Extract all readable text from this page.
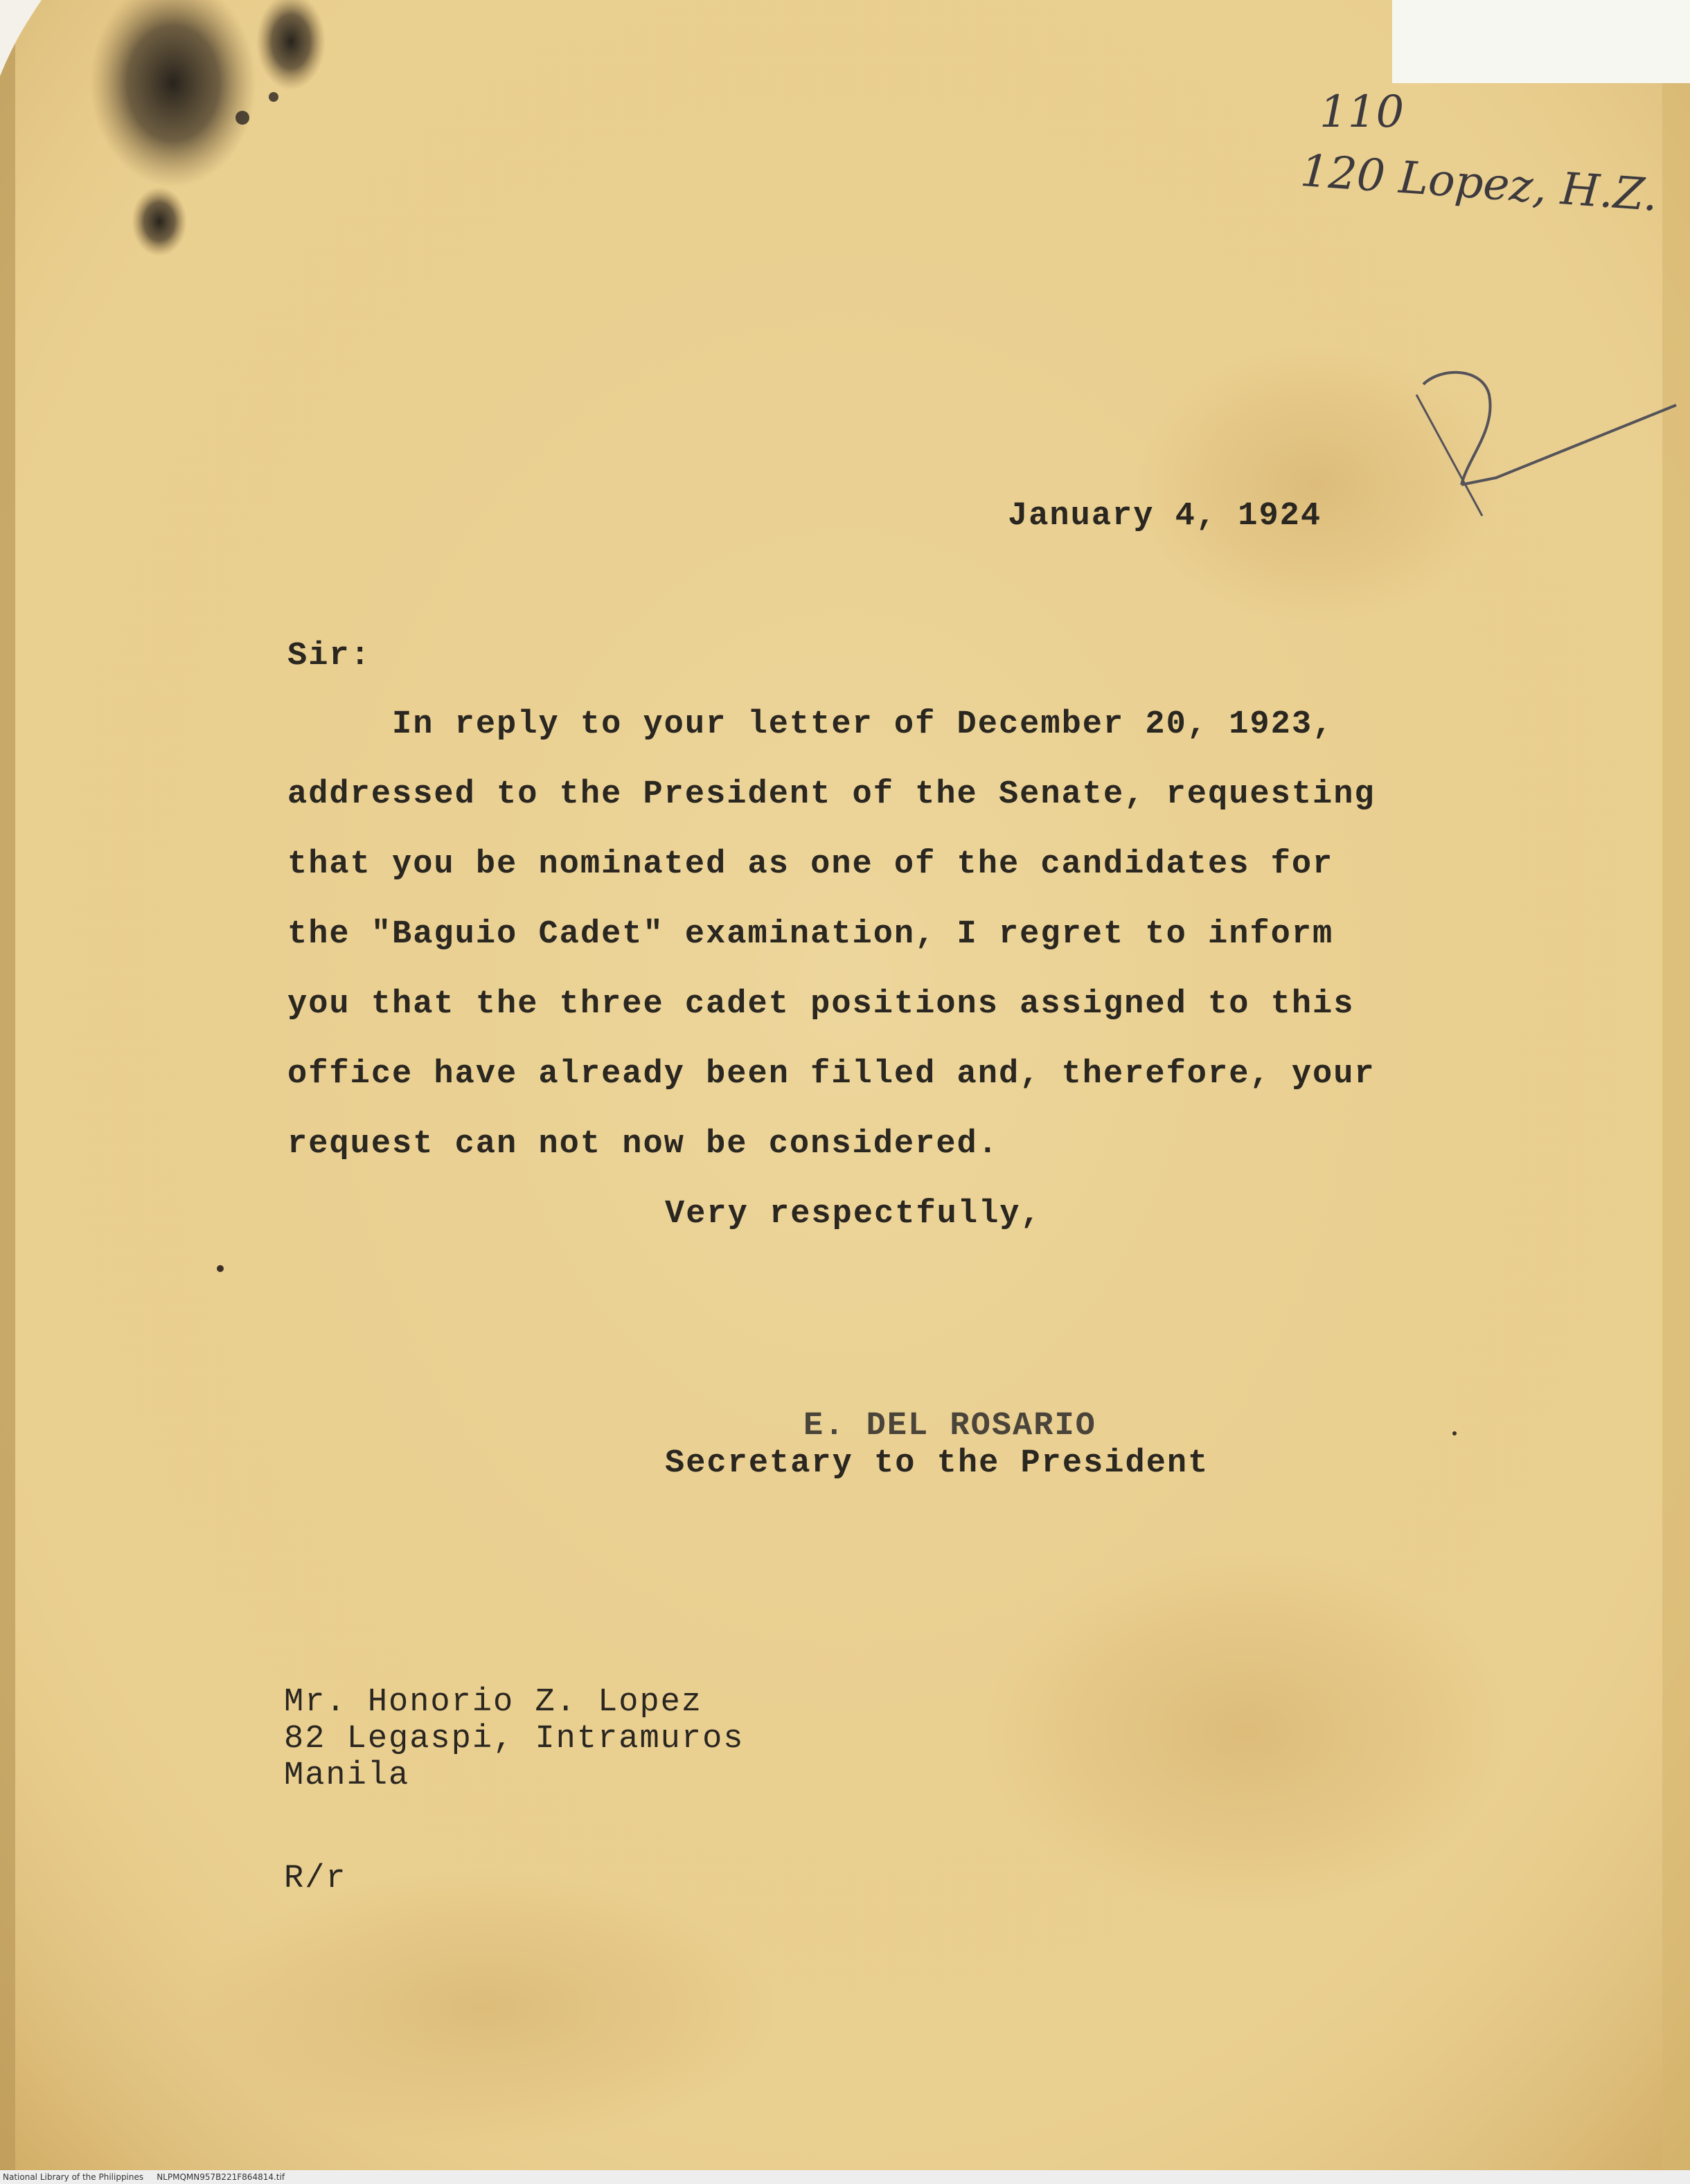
110
120 Lopez, H.Z.
January 4, 1924
Sir:
In reply to your letter of December 20, 1923,
addressed to the President of the Senate, requesting
that you be nominated as one of the candidates for
the "Baguio Cadet" examination, I regret to inform
you that the three cadet positions assigned to this
office have already been filled and, therefore, your
request can not now be considered.
Very respectfully,
E. DEL ROSARIO
Secretary to the President
Mr. Honorio Z. Lopez
82 Legaspi, Intramuros
Manila
R/r
National Library of the Philippines     NLPMQMN957B221F864814.tif
